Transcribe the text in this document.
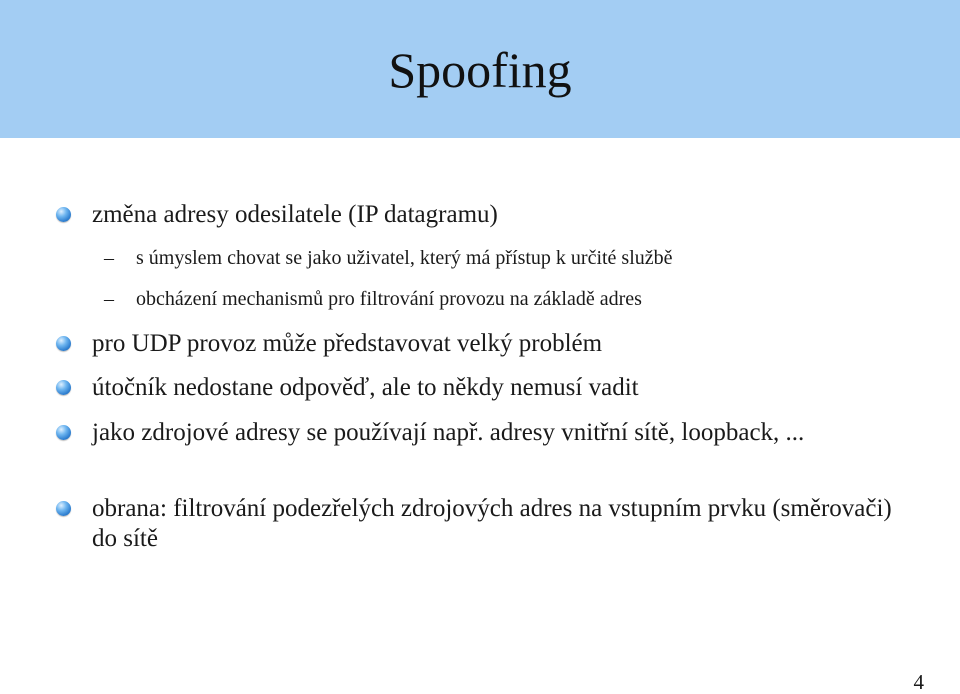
Spoofing
změna adresy odesilatele (IP datagramu)
– s úmyslem chovat se jako uživatel, který má přístup k určité službě
– obcházení mechanismů pro filtrování provozu na základě adres
pro UDP provoz může představovat velký problém
útočník nedostane odpověď, ale to někdy nemusí vadit
jako zdrojové adresy se používají např. adresy vnitřní sítě, loopback, ...
obrana: filtrování podezřelých zdrojových adres na vstupním prvku (směrovači) do sítě
4
